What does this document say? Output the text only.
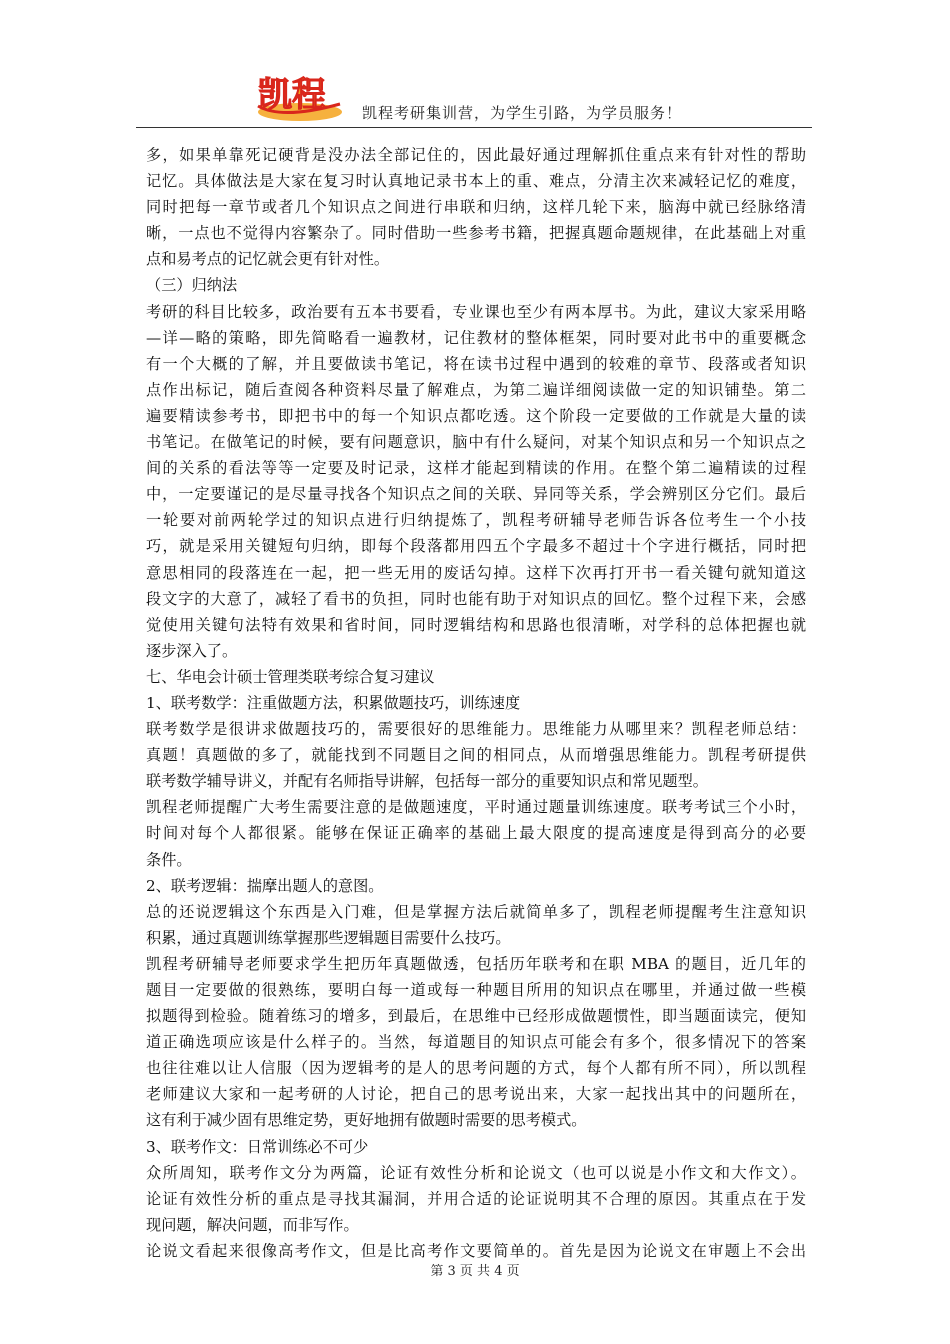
凯程 凯程考研集训营，为学生引路，为学员服务！
多，如果单靠死记硬背是没办法全部记住的，因此最好通过理解抓住重点来有针对性的帮助
记忆。具体做法是大家在复习时认真地记录书本上的重、难点，分清主次来减轻记忆的难度，
同时把每一章节或者几个知识点之间进行串联和归纳，这样几轮下来，脑海中就已经脉络清
晰，一点也不觉得内容繁杂了。同时借助一些参考书籍，把握真题命题规律，在此基础上对重
点和易考点的记忆就会更有针对性。
（三）归纳法
考研的科目比较多，政治要有五本书要看，专业课也至少有两本厚书。为此，建议大家采用略
—详—略的策略，即先简略看一遍教材，记住教材的整体框架，同时要对此书中的重要概念
有一个大概的了解，并且要做读书笔记，将在读书过程中遇到的较难的章节、段落或者知识
点作出标记，随后查阅各种资料尽量了解难点，为第二遍详细阅读做一定的知识铺垫。第二
遍要精读参考书，即把书中的每一个知识点都吃透。这个阶段一定要做的工作就是大量的读
书笔记。在做笔记的时候，要有问题意识，脑中有什么疑问，对某个知识点和另一个知识点之
间的关系的看法等等一定要及时记录，这样才能起到精读的作用。在整个第二遍精读的过程
中，一定要谨记的是尽量寻找各个知识点之间的关联、异同等关系，学会辨别区分它们。最后
一轮要对前两轮学过的知识点进行归纳提炼了，凯程考研辅导老师告诉各位考生一个小技
巧，就是采用关键短句归纳，即每个段落都用四五个字最多不超过十个字进行概括，同时把
意思相同的段落连在一起，把一些无用的废话勾掉。这样下次再打开书一看关键句就知道这
段文字的大意了，减轻了看书的负担，同时也能有助于对知识点的回忆。整个过程下来，会感
觉使用关键句法特有效果和省时间，同时逻辑结构和思路也很清晰，对学科的总体把握也就
逐步深入了。
七、华电会计硕士管理类联考综合复习建议
1、联考数学：注重做题方法，积累做题技巧，训练速度
联考数学是很讲求做题技巧的，需要很好的思维能力。思维能力从哪里来？凯程老师总结：
真题！真题做的多了，就能找到不同题目之间的相同点，从而增强思维能力。凯程考研提供
联考数学辅导讲义，并配有名师指导讲解，包括每一部分的重要知识点和常见题型。
凯程老师提醒广大考生需要注意的是做题速度，平时通过题量训练速度。联考考试三个小时，
时间对每个人都很紧。能够在保证正确率的基础上最大限度的提高速度是得到高分的必要
条件。
2、联考逻辑：揣摩出题人的意图。
总的还说逻辑这个东西是入门难，但是掌握方法后就简单多了，凯程老师提醒考生注意知识
积累，通过真题训练掌握那些逻辑题目需要什么技巧。
凯程考研辅导老师要求学生把历年真题做透，包括历年联考和在职 MBA 的题目，近几年的
题目一定要做的很熟练，要明白每一道或每一种题目所用的知识点在哪里，并通过做一些模
拟题得到检验。随着练习的增多，到最后，在思维中已经形成做题惯性，即当题面读完，便知
道正确选项应该是什么样子的。当然，每道题目的知识点可能会有多个，很多情况下的答案
也往往难以让人信服（因为逻辑考的是人的思考问题的方式，每个人都有所不同），所以凯程
老师建议大家和一起考研的人讨论，把自己的思考说出来，大家一起找出其中的问题所在，
这有利于减少固有思维定势，更好地拥有做题时需要的思考模式。
3、联考作文：日常训练必不可少
众所周知，联考作文分为两篇，论证有效性分析和论说文（也可以说是小作文和大作文）。
论证有效性分析的重点是寻找其漏洞，并用合适的论证说明其不合理的原因。其重点在于发
现问题，解决问题，而非写作。
论说文看起来很像高考作文，但是比高考作文要简单的。首先是因为论说文在审题上不会出
第 3 页 共 4 页
